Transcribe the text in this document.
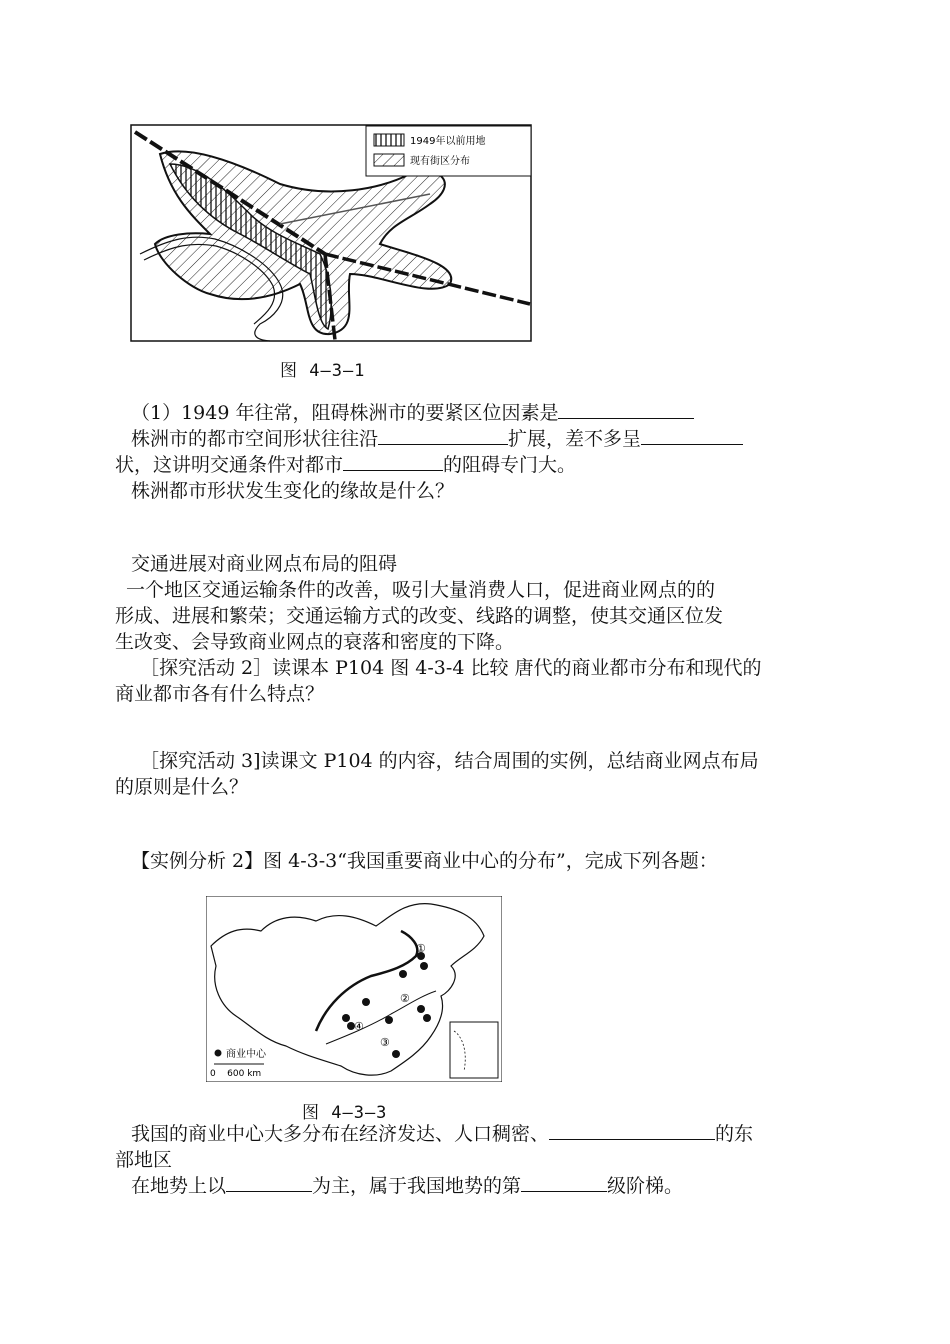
1949年以前用地
现有街区分布
图 4—3—1
（1）1949 年往常，阻碍株洲市的要紧区位因素是
株洲市的都市空间形状往往沿	扩展，差不多呈
状，这讲明交通条件对都市	的阻碍专门大。
株洲都市形状发生变化的缘故是什么？
交通进展对商业网点布局的阻碍
一个地区交通运输条件的改善，吸引大量消费人口，促进商业网点的的
形成、进展和繁荣；交通运输方式的改变、线路的调整，使其交通区位发
生改变、会导致商业网点的衰落和密度的下降。
［探究活动 2］读课本 P104 图 4-3-4 比较 唐代的商业都市分布和现代的
商业都市各有什么特点？
［探究活动 3]读课文 P104 的内容，结合周围的实例，总结商业网点布局
的原则是什么？
【实例分析 2】图 4-3-3“我国重要商业中心的分布”，完成下列各题：
①
②
③
④
商业中心
0    600 km
图 4—3—3
我国的商业中心大多分布在经济发达、人口稠密、	的东
部地区
在地势上以	为主，属于我国地势的第	级阶梯。
